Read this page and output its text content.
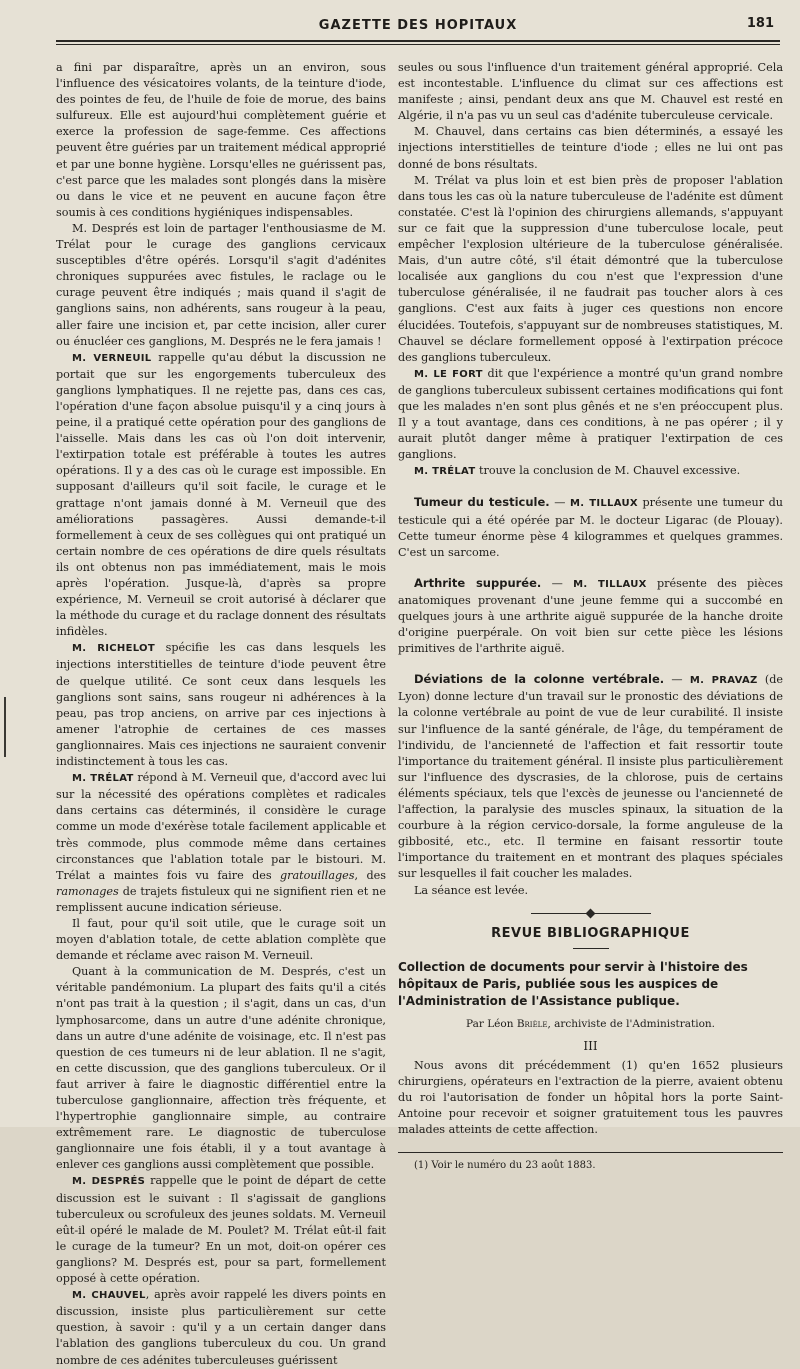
GAZETTE DES HOPITAUX	181

a fini par disparaître, après un an environ, sous l'influence des vésicatoires volants, de la teinture d'iode, des pointes de feu, de l'huile de foie de morue, des bains sulfureux. Elle est aujourd'hui complètement guérie et exerce la profession de sage-femme. Ces affections peuvent être guéries par un traitement médical approprié et par une bonne hygiène. Lorsqu'elles ne guérissent pas, c'est parce que les malades sont plongés dans la misère ou dans le vice et ne peuvent en aucune façon être soumis à ces conditions hygiéniques indispensables.

M. Després est loin de partager l'enthousiasme de M. Trélat pour le curage des ganglions cervicaux susceptibles d'être opérés. Lorsqu'il s'agit d'adénites chroniques suppurées avec fistules, le raclage ou le curage peuvent être indiqués ; mais quand il s'agit de ganglions sains, non adhérents, sans rougeur à la peau, aller faire une incision et, par cette incision, aller curer ou énucléer ces ganglions, M. Després ne le fera jamais !

M. VERNEUIL rappelle qu'au début la discussion ne portait que sur les engorgements tuberculeux des ganglions lymphatiques. Il ne rejette pas, dans ces cas, l'opération d'une façon absolue puisqu'il y a cinq jours à peine, il a pratiqué cette opération pour des ganglions de l'aisselle. Mais dans les cas où l'on doit intervenir, l'extirpation totale est préférable à toutes les autres opérations. Il y a des cas où le curage est impossible. En supposant d'ailleurs qu'il soit facile, le curage et le grattage n'ont jamais donné à M. Verneuil que des améliorations passagères. Aussi demande-t-il formellement à ceux de ses collègues qui ont pratiqué un certain nombre de ces opérations de dire quels résultats ils ont obtenus non pas immédiatement, mais le mois après l'opération. Jusque-là, d'après sa propre expérience, M. Verneuil se croit autorisé à déclarer que la méthode du curage et du raclage donnent des résultats infidèles.

M. RICHELOT spécifie les cas dans lesquels les injections interstitielles de teinture d'iode peuvent être de quelque utilité. Ce sont ceux dans lesquels les ganglions sont sains, sans rougeur ni adhérences à la peau, pas trop anciens, on arrive par ces injections à amener l'atrophie de certaines de ces masses ganglionnaires. Mais ces injections ne sauraient convenir indistinctement à tous les cas.

M. TRÉLAT répond à M. Verneuil que, d'accord avec lui sur la nécessité des opérations complètes et radicales dans certains cas déterminés, il considère le curage comme un mode d'exérèse totale facilement applicable et très commode, plus commode même dans certaines circonstances que l'ablation totale par le bistouri. M. Trélat a maintes fois vu faire des gratouillages, des ramonages de trajets fistuleux qui ne signifient rien et ne remplissent aucune indication sérieuse.

Il faut, pour qu'il soit utile, que le curage soit un moyen d'ablation totale, de cette ablation complète que demande et réclame avec raison M. Verneuil.

Quant à la communication de M. Després, c'est un véritable pandémonium. La plupart des faits qu'il a cités n'ont pas trait à la question ; il s'agit, dans un cas, d'un lymphosarcome, dans un autre d'une adénite chronique, dans un autre d'une adénite de voisinage, etc. Il n'est pas question de ces tumeurs ni de leur ablation. Il ne s'agit, en cette discussion, que des ganglions tuberculeux. Or il faut arriver à faire le diagnostic différentiel entre la tuberculose ganglionnaire, affection très fréquente, et l'hypertrophie ganglionnaire simple, au contraire extrêmement rare. Le diagnostic de tuberculose ganglionnaire une fois établi, il y a tout avantage à enlever ces ganglions aussi complètement que possible.

M. DESPRÉS rappelle que le point de départ de cette discussion est le suivant : Il s'agissait de ganglions tuberculeux ou scrofuleux des jeunes soldats. M. Verneuil eût-il opéré le malade de M. Poulet? M. Trélat eût-il fait le curage de la tumeur? En un mot, doit-on opérer ces ganglions? M. Després est, pour sa part, formellement opposé à cette opération.

M. CHAUVEL, après avoir rappelé les divers points en discussion, insiste plus particulièrement sur cette question, à savoir : qu'il y a un certain danger dans l'ablation des ganglions tuberculeux du cou. Un grand nombre de ces adénites tuberculeuses guérissent

seules ou sous l'influence d'un traitement général approprié. Cela est incontestable. L'influence du climat sur ces affections est manifeste ; ainsi, pendant deux ans que M. Chauvel est resté en Algérie, il n'a pas vu un seul cas d'adénite tuberculeuse cervicale.

M. Chauvel, dans certains cas bien déterminés, a essayé les injections interstitielles de teinture d'iode ; elles ne lui ont pas donné de bons résultats.

M. Trélat va plus loin et est bien près de proposer l'ablation dans tous les cas où la nature tuberculeuse de l'adénite est dûment constatée. C'est là l'opinion des chirurgiens allemands, s'appuyant sur ce fait que la suppression d'une tuberculose locale, peut empêcher l'explosion ultérieure de la tuberculose généralisée. Mais, d'un autre côté, s'il était démontré que la tuberculose localisée aux ganglions du cou n'est que l'expression d'une tuberculose généralisée, il ne faudrait pas toucher alors à ces ganglions. C'est aux faits à juger ces questions non encore élucidées. Toutefois, s'appuyant sur de nombreuses statistiques, M. Chauvel se déclare formellement opposé à l'extirpation précoce des ganglions tuberculeux.

M. LE FORT dit que l'expérience a montré qu'un grand nombre de ganglions tuberculeux subissent certaines modifications qui font que les malades n'en sont plus gênés et ne s'en préoccupent plus. Il y a tout avantage, dans ces conditions, à ne pas opérer ; il y aurait plutôt danger même à pratiquer l'extirpation de ces ganglions.

M. TRÉLAT trouve la conclusion de M. Chauvel excessive.

Tumeur du testicule. — M. TILLAUX présente une tumeur du testicule qui a été opérée par M. le docteur Ligarac (de Plouay). Cette tumeur énorme pèse 4 kilogrammes et quelques grammes. C'est un sarcome.

Arthrite suppurée. — M. TILLAUX présente des pièces anatomiques provenant d'une jeune femme qui a succombé en quelques jours à une arthrite aiguë suppurée de la hanche droite d'origine puerpérale. On voit bien sur cette pièce les lésions primitives de l'arthrite aiguë.

Déviations de la colonne vertébrale. — M. PRAVAZ (de Lyon) donne lecture d'un travail sur le pronostic des déviations de la colonne vertébrale au point de vue de leur curabilité. Il insiste sur l'influence de la santé générale, de l'âge, du tempérament de l'individu, de l'ancienneté de l'affection et fait ressortir toute l'importance du traitement général. Il insiste plus particulièrement sur l'influence des dyscrasies, de la chlorose, puis de certains éléments spéciaux, tels que l'excès de jeunesse ou l'ancienneté de l'affection, la paralysie des muscles spinaux, la situation de la courbure à la région cervico-dorsale, la forme anguleuse de la gibbosité, etc., etc. Il termine en faisant ressortir toute l'importance du traitement en et montrant des plaques spéciales sur lesquelles il fait coucher les malades.

La séance est levée.

REVUE BIBLIOGRAPHIQUE
Collection de documents pour servir à l'histoire des hôpitaux de Paris, publiée sous les auspices de l'Administration de l'Assistance publique.
Par Léon Brièle, archiviste de l'Administration.
III

Nous avons dit précédemment (1) qu'en 1652 plusieurs chirurgiens, opérateurs en l'extraction de la pierre, avaient obtenu du roi l'autorisation de fonder un hôpital hors la porte Saint-Antoine pour recevoir et soigner gratuitement tous les pauvres malades atteints de cette affection.

(1) Voir le numéro du 23 août 1883.
